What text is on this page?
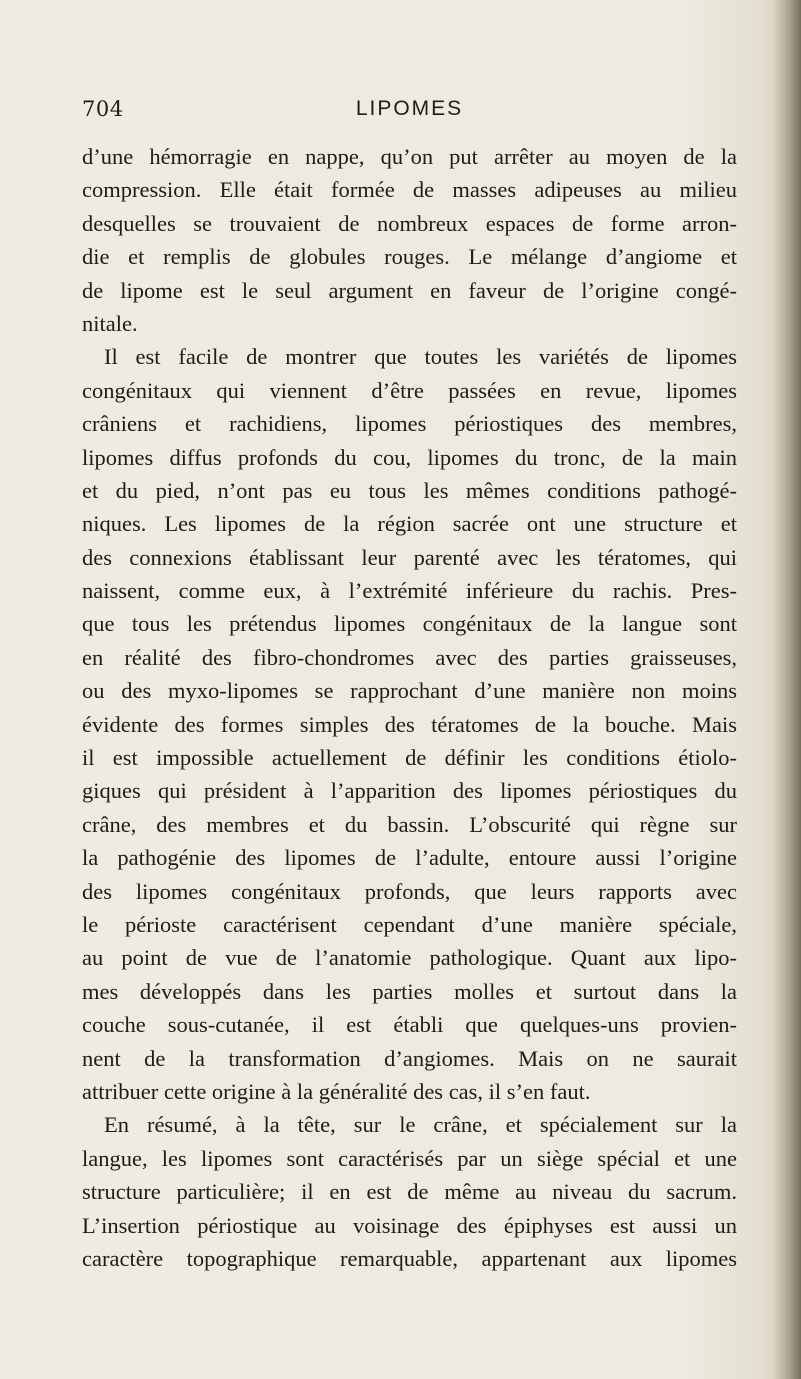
704	LIPOMES
d’une hémorragie en nappe, qu’on put arrêter au moyen de la
compression. Elle était formée de masses adipeuses au milieu
desquelles se trouvaient de nombreux espaces de forme arron-
die et remplis de globules rouges. Le mélange d’angiome et
de lipome est le seul argument en faveur de l’origine congé-
nitale.
Il est facile de montrer que toutes les variétés de lipomes
congénitaux qui viennent d’être passées en revue, lipomes
crâniens et rachidiens, lipomes périostiques des membres,
lipomes diffus profonds du cou, lipomes du tronc, de la main
et du pied, n’ont pas eu tous les mêmes conditions pathogé-
niques. Les lipomes de la région sacrée ont une structure et
des connexions établissant leur parenté avec les tératomes, qui
naissent, comme eux, à l’extrémité inférieure du rachis. Pres-
que tous les prétendus lipomes congénitaux de la langue sont
en réalité des fibro-chondromes avec des parties graisseuses,
ou des myxo-lipomes se rapprochant d’une manière non moins
évidente des formes simples des tératomes de la bouche. Mais
il est impossible actuellement de définir les conditions étiolo-
giques qui président à l’apparition des lipomes périostiques du
crâne, des membres et du bassin. L’obscurité qui règne sur
la pathogénie des lipomes de l’adulte, entoure aussi l’origine
des lipomes congénitaux profonds, que leurs rapports avec
le périoste caractérisent cependant d’une manière spéciale,
au point de vue de l’anatomie pathologique. Quant aux lipo-
mes développés dans les parties molles et surtout dans la
couche sous-cutanée, il est établi que quelques-uns provien-
nent de la transformation d’angiomes. Mais on ne saurait
attribuer cette origine à la généralité des cas, il s’en faut.
En résumé, à la tête, sur le crâne, et spécialement sur la
langue, les lipomes sont caractérisés par un siège spécial et une
structure particulière; il en est de même au niveau du sacrum.
L’insertion périostique au voisinage des épiphyses est aussi un
caractère topographique remarquable, appartenant aux lipomes
